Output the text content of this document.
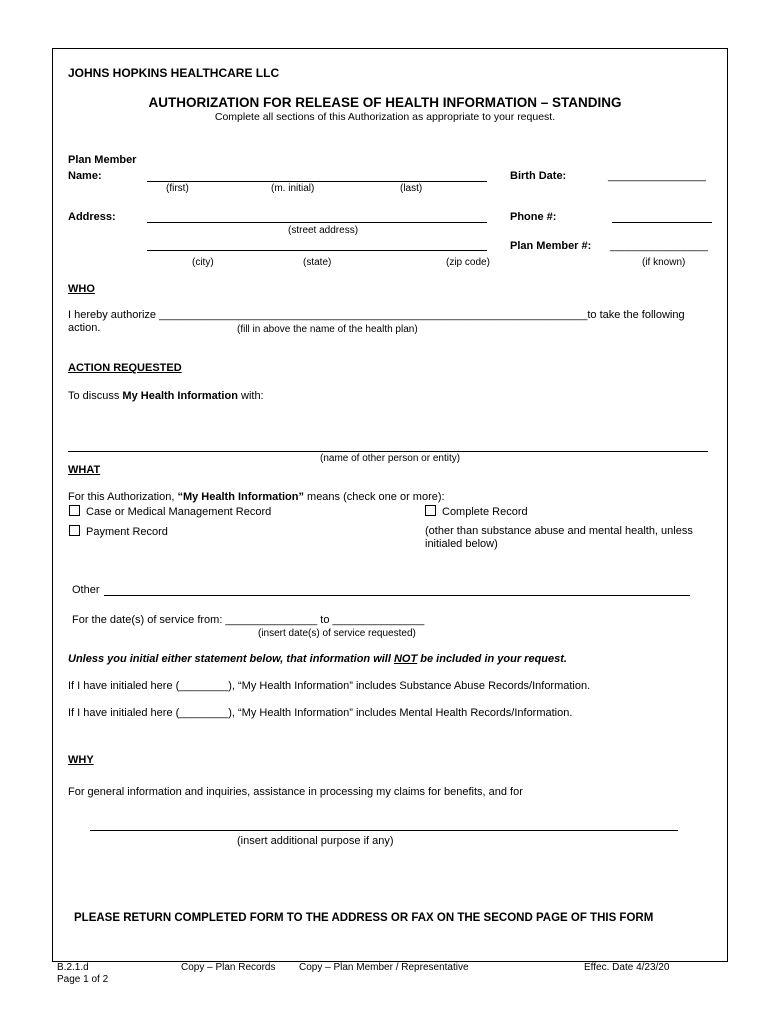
JOHNS HOPKINS HEALTHCARE LLC
AUTHORIZATION FOR RELEASE OF HEALTH INFORMATION – STANDING
Complete all sections of this Authorization as appropriate to your request.
Plan Member
Name:
(first)	(m. initial)	(last)
Birth Date:	________________
Address:
(street address)
Phone #:
(city)	(state)	(zip code)
Plan Member #: ________________
(if known)
WHO
I hereby authorize ______________________________________________________________________to take the following
action.	(fill in above the name of the health plan)
ACTION REQUESTED
To discuss My Health Information with:
(name of other person or entity)
WHAT
For this Authorization, “My Health Information” means (check one or more):
Case or Medical Management Record	Complete Record
Payment Record	(other than substance abuse and mental health, unless
initialed below)
Other
For the date(s) of service from: _______________ to _______________
(insert date(s) of service requested)
Unless you initial either statement below, that information will NOT be included in your request.
If I have initialed here (________), “My Health Information” includes Substance Abuse Records/Information.
If I have initialed here (________), “My Health Information” includes Mental Health Records/Information.
WHY
For general information and inquiries, assistance in processing my claims for benefits, and for
(insert additional purpose if any)
PLEASE RETURN COMPLETED FORM TO THE ADDRESS OR FAX ON THE SECOND PAGE OF THIS FORM
B.2.1.d
Page 1 of 2
Copy – Plan Records Copy – Plan Member / Representative	Effec. Date 4/23/20
